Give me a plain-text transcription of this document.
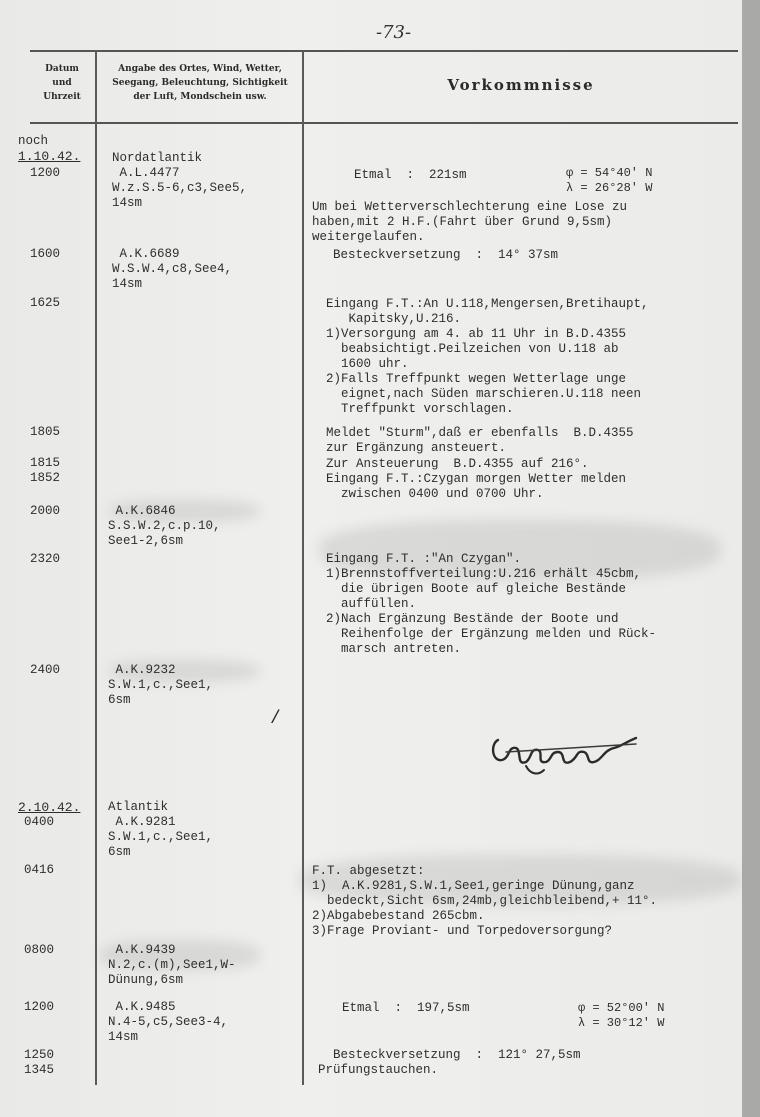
-73-
Datum
und
Uhrzeit
Angabe des Ortes, Wind, Wetter,
Seegang, Beleuchtung, Sichtigkeit
der Luft, Mondschein usw.
Vorkommnisse
noch
1.10.42.
1200
1600
1625
1805
1815
1852
2000
2320
2400
2.10.42.
0400
0416
0800
1200
1250
1345
Nordatlantik
A.L.4477
W.z.S.5-6,c3,See5,
14sm
A.K.6689
W.S.W.4,c8,See4,
14sm
A.K.6846
S.S.W.2,c.p.10,
See1-2,6sm
A.K.9232
S.W.1,c.,See1,
6sm
Atlantik
A.K.9281
S.W.1,c.,See1,
6sm
A.K.9439
N.2,c.(m),See1,W-
Dünung,6sm
A.K.9485
N.4-5,c5,See3-4,
14sm
Etmal  :  221sm	φ = 54°40' N
λ = 26°28' W
Um bei Wetterverschlechterung eine Lose zu
haben,mit 2 H.F.(Fahrt über Grund 9,5sm)
weitergelaufen.
Besteckversetzung  :  14° 37sm
Eingang F.T.:An U.118,Mengersen,Bretihaupt,
Kapitsky,U.216.
1)Versorgung am 4. ab 11 Uhr in B.D.4355
beabsichtigt.Peilzeichen von U.118 ab
1600 uhr.
2)Falls Treffpunkt wegen Wetterlage unge
eignet,nach Süden marschieren.U.118 neen
Treffpunkt vorschlagen.
Meldet "Sturm",daß er ebenfalls  B.D.4355
zur Ergänzung ansteuert.
Zur Ansteuerung  B.D.4355 auf 216°.
Eingang F.T.:Czygan morgen Wetter melden
zwischen 0400 und 0700 Uhr.
Eingang F.T. :"An Czygan".
1)Brennstoffverteilung:U.216 erhält 45cbm,
die übrigen Boote auf gleiche Bestände
auffüllen.
2)Nach Ergänzung Bestände der Boote und
Reihenfolge der Ergänzung melden und Rück-
marsch antreten.
F.T. abgesetzt:
1)  A.K.9281,S.W.1,See1,geringe Dünung,ganz
bedeckt,Sicht 6sm,24mb,gleichbleibend,+ 11°.
2)Abgabebestand 265cbm.
3)Frage Proviant- und Torpedoversorgung?
Etmal  :  197,5sm	φ = 52°00' N
λ = 30°12' W
Besteckversetzung  :  121° 27,5sm
Prüfungstauchen.
/
